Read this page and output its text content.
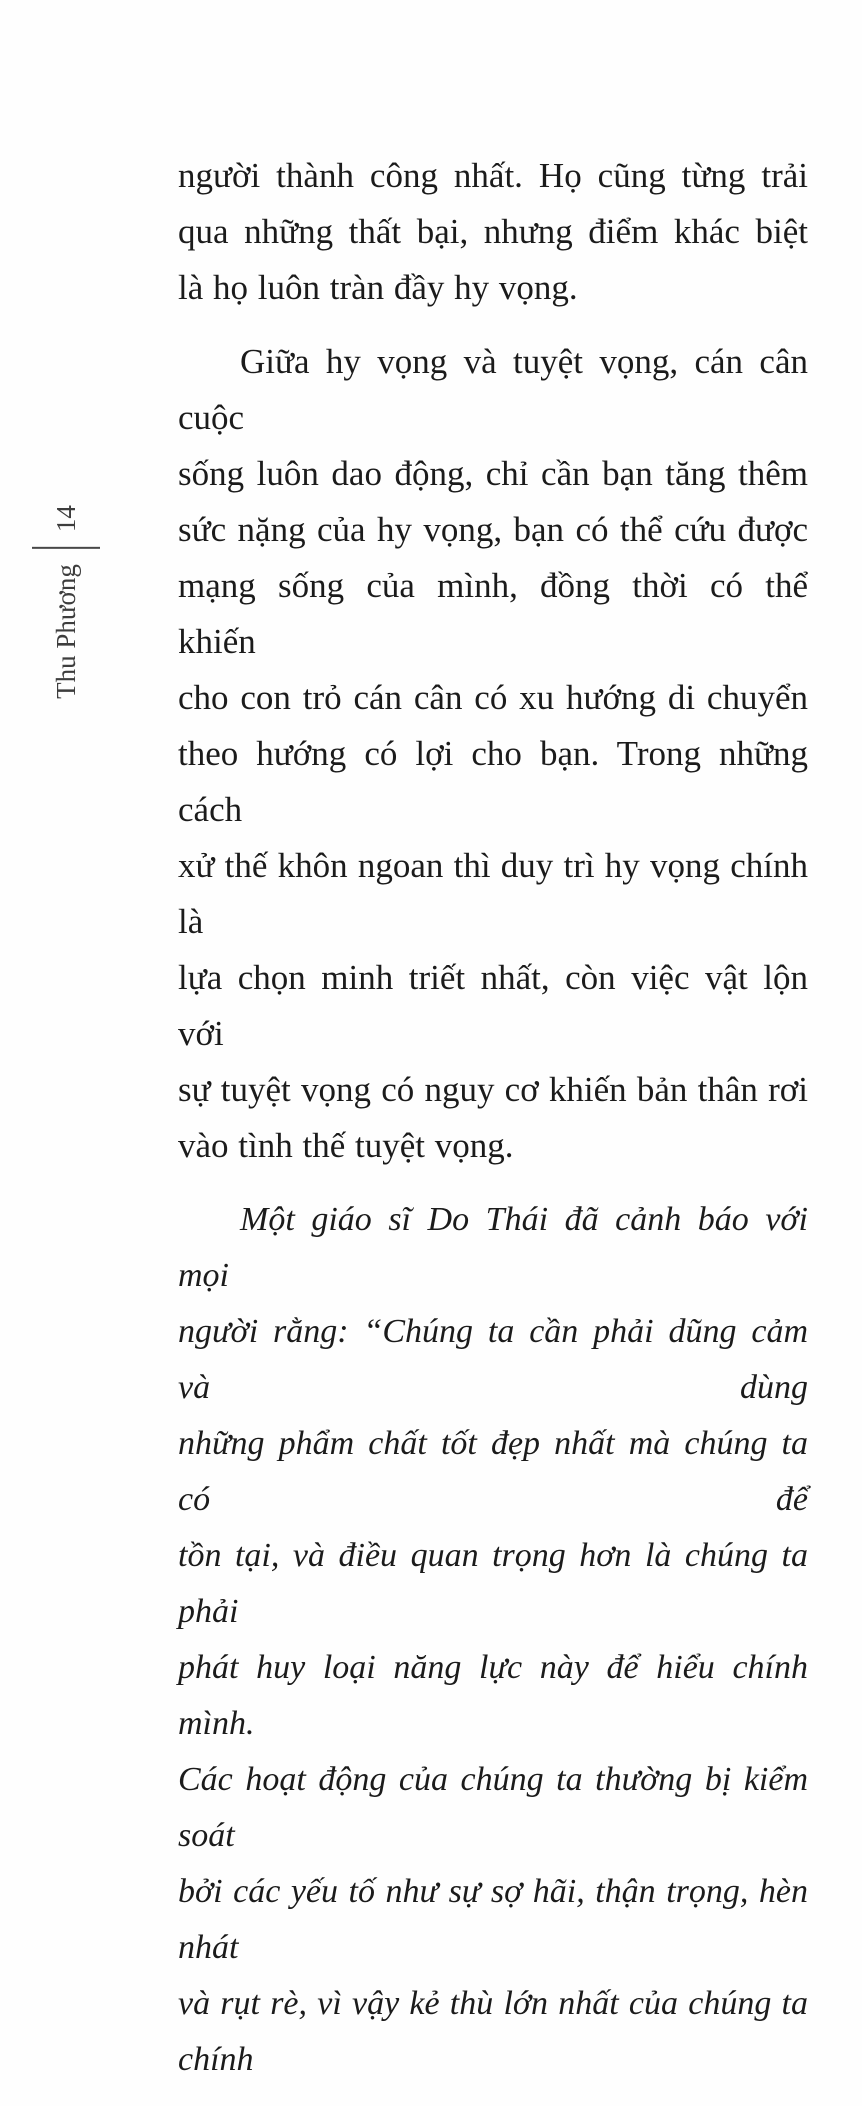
Thu Phương
14
người thành công nhất. Họ cũng từng trải
qua những thất bại, nhưng điểm khác biệt
là họ luôn tràn đầy hy vọng.
Giữa hy vọng và tuyệt vọng, cán cân cuộc
sống luôn dao động, chỉ cần bạn tăng thêm
sức nặng của hy vọng, bạn có thể cứu được
mạng sống của mình, đồng thời có thể khiến
cho con trỏ cán cân có xu hướng di chuyển
theo hướng có lợi cho bạn. Trong những cách
xử thế khôn ngoan thì duy trì hy vọng chính là
lựa chọn minh triết nhất, còn việc vật lộn với
sự tuyệt vọng có nguy cơ khiến bản thân rơi
vào tình thế tuyệt vọng.
Một giáo sĩ Do Thái đã cảnh báo với mọi
người rằng: “Chúng ta cần phải dũng cảm và dùng
những phẩm chất tốt đẹp nhất mà chúng ta có để
tồn tại, và điều quan trọng hơn là chúng ta phải
phát huy loại năng lực này để hiểu chính mình.
Các hoạt động của chúng ta thường bị kiểm soát
bởi các yếu tố như sự sợ hãi, thận trọng, hèn nhát
và rụt rè, vì vậy kẻ thù lớn nhất của chúng ta chính
